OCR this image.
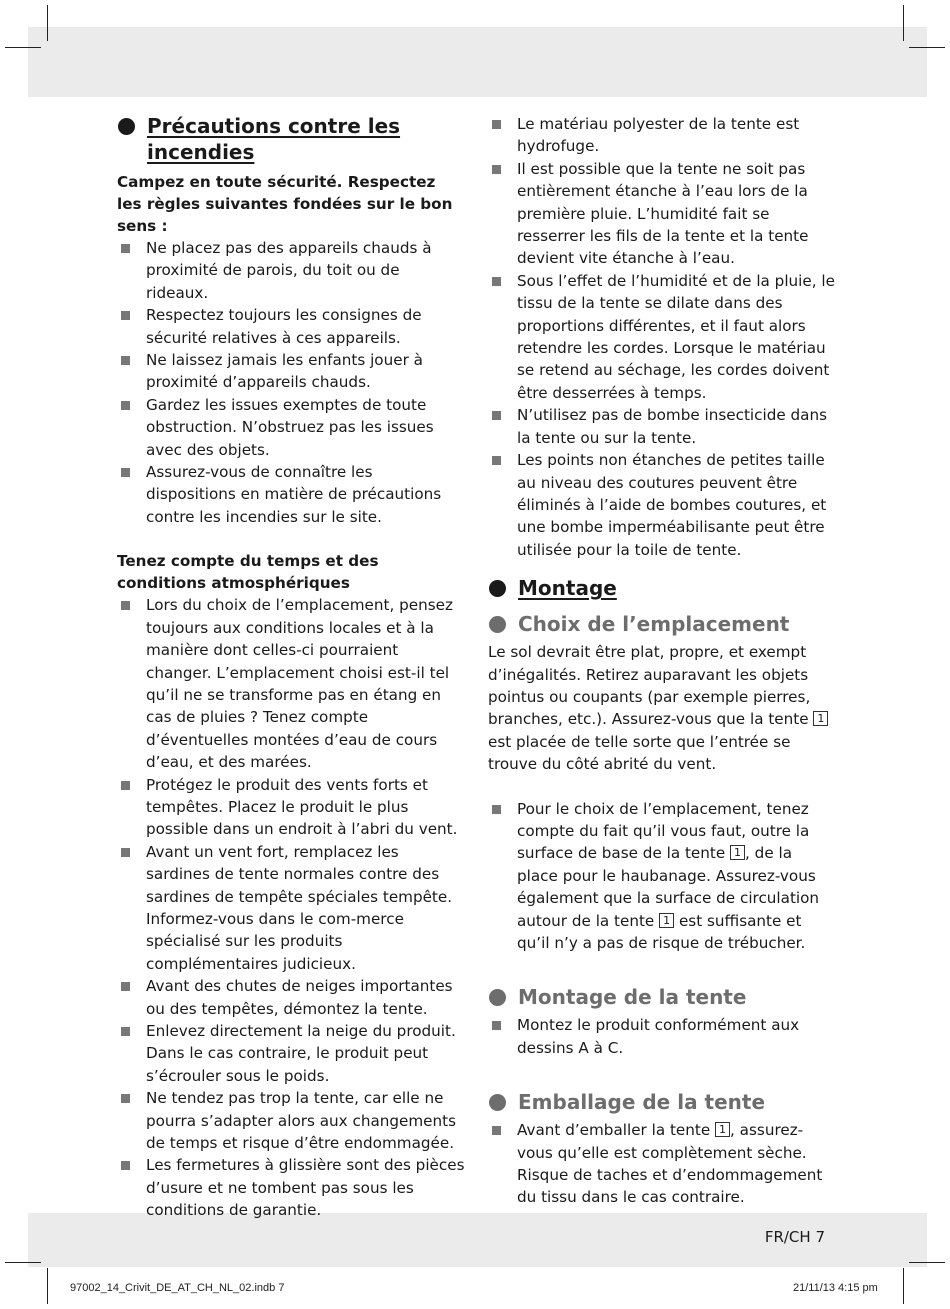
Précautions contre les incendies
Campez en toute sécurité. Respectez les règles suivantes fondées sur le bon sens :
Ne placez pas des appareils chauds à proximité de parois, du toit ou de rideaux.
Respectez toujours les consignes de sécurité relatives à ces appareils.
Ne laissez jamais les enfants jouer à proximité d’appareils chauds.
Gardez les issues exemptes de toute obstruction. N’obstruez pas les issues avec des objets.
Assurez-vous de connaître les dispositions en matière de précautions contre les incendies sur le site.
Tenez compte du temps et des conditions atmosphériques
Lors du choix de l’emplacement, pensez toujours aux conditions locales et à la manière dont celles-ci pourraient changer. L’emplacement choisi est-il tel qu’il ne se transforme pas en étang en cas de pluies ? Tenez compte d’éventuelles montées d’eau de cours d’eau, et des marées.
Protégez le produit des vents forts et tempêtes. Placez le produit le plus possible dans un endroit à l’abri du vent.
Avant un vent fort, remplacez les sardines de tente normales contre des sardines de tempête spéciales tempête. Informez-vous dans le com-merce spécialisé sur les produits complémentaires judicieux.
Avant des chutes de neiges importantes ou des tempêtes, démontez la tente.
Enlevez directement la neige du produit. Dans le cas contraire, le produit peut s’écrouler sous le poids.
Ne tendez pas trop la tente, car elle ne pourra s’adapter alors aux changements de temps et risque d’être endommagée.
Les fermetures à glissière sont des pièces d’usure et ne tombent pas sous les conditions de garantie.
Le matériau polyester de la tente est hydrofuge.
Il est possible que la tente ne soit pas entièrement étanche à l’eau lors de la première pluie. L’humidité fait se resserrer les fils de la tente et la tente devient vite étanche à l’eau.
Sous l’effet de l’humidité et de la pluie, le tissu de la tente se dilate dans des proportions différentes, et il faut alors retendre les cordes. Lorsque le matériau se retend au séchage, les cordes doivent être desserrées à temps.
N’utilisez pas de bombe insecticide dans la tente ou sur la tente.
Les points non étanches de petites taille au niveau des coutures peuvent être éliminés à l’aide de bombes coutures, et une bombe imperméabilisante peut être utilisée pour la toile de tente.
Montage
Choix de l’emplacement

Le sol devrait être plat, propre, et exempt d’inégalités. Retirez auparavant les objets pointus ou coupants (par exemple pierres, branches, etc.). Assurez-vous que la tente 1 est placée de telle sorte que l’entrée se trouve du côté abrité du vent.

Pour le choix de l’emplacement, tenez compte du fait qu’il vous faut, outre la surface de base de la tente 1 , de la place pour le haubanage. Assurez-vous également que la surface de circulation autour de la tente 1 est suffisante et qu’il n’y a pas de risque de trébucher.
Montage de la tente
Montez le produit conformément aux dessins A à C.
Emballage de la tente
Avant d’emballer la tente 1 , assurez-vous qu’elle est complètement sèche. Risque de taches et d’endommagement du tissu dans le cas contraire.
FR/CH 7
97002_14_Crivit_DE_AT_CH_NL_02.indb 7	21/11/13 4:15 pm
